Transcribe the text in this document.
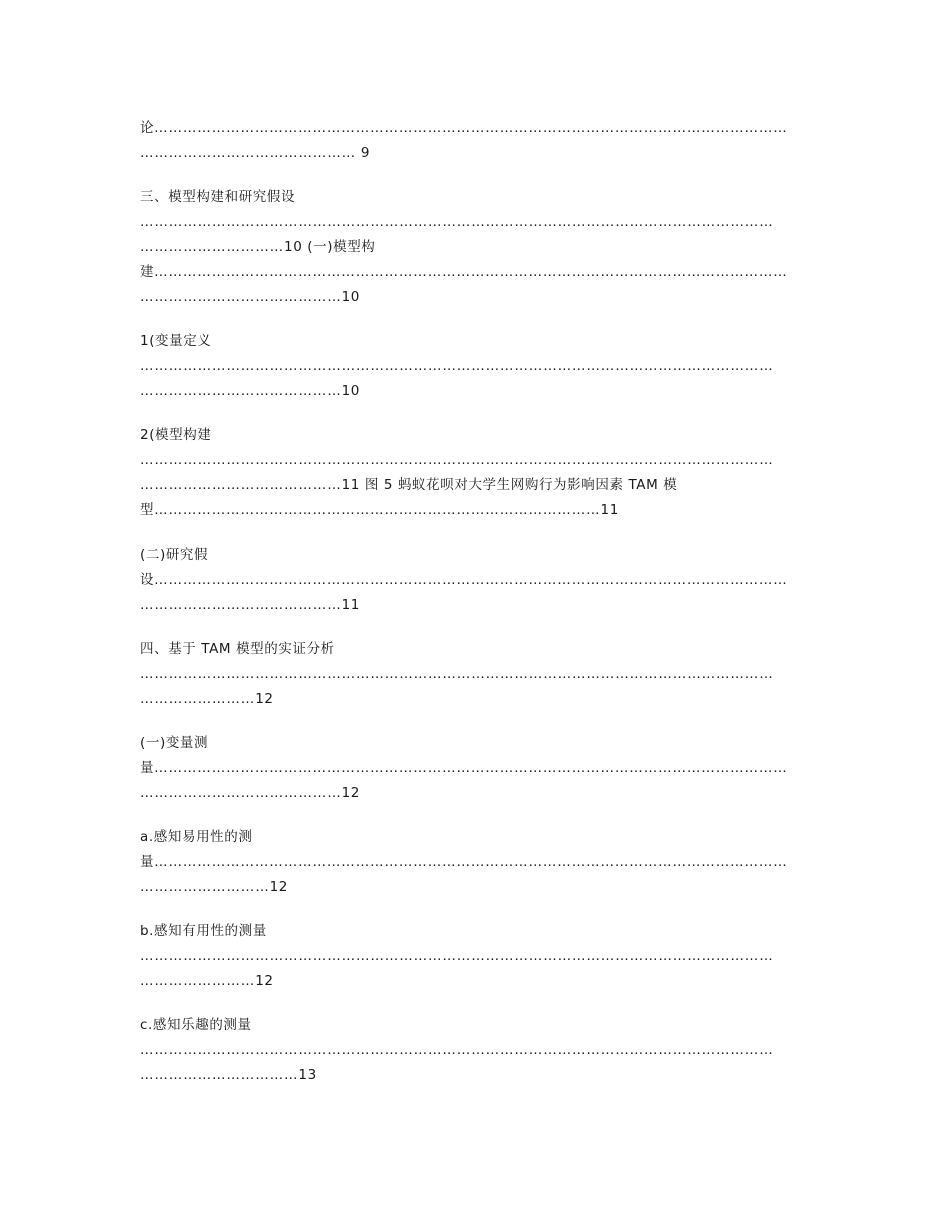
论……………………………………………………………………………………………………………………
……………………………………… 9
三、模型构建和研究假设
……………………………………………………………………………………………………………………
…………………………10 (一)模型构
建……………………………………………………………………………………………………………………
……………………………………10
1(变量定义
……………………………………………………………………………………………………………………
……………………………………10
2(模型构建
……………………………………………………………………………………………………………………
……………………………………11 图 5 蚂蚁花呗对大学生网购行为影响因素 TAM 模
型…………………………………………………………………………………11
(二)研究假
设……………………………………………………………………………………………………………………
……………………………………11
四、基于 TAM 模型的实证分析
……………………………………………………………………………………………………………………
……………………12
(一)变量测
量……………………………………………………………………………………………………………………
……………………………………12
a.感知易用性的测
量……………………………………………………………………………………………………………………
………………………12
b.感知有用性的测量
……………………………………………………………………………………………………………………
……………………12
c.感知乐趣的测量
……………………………………………………………………………………………………………………
……………………………13
